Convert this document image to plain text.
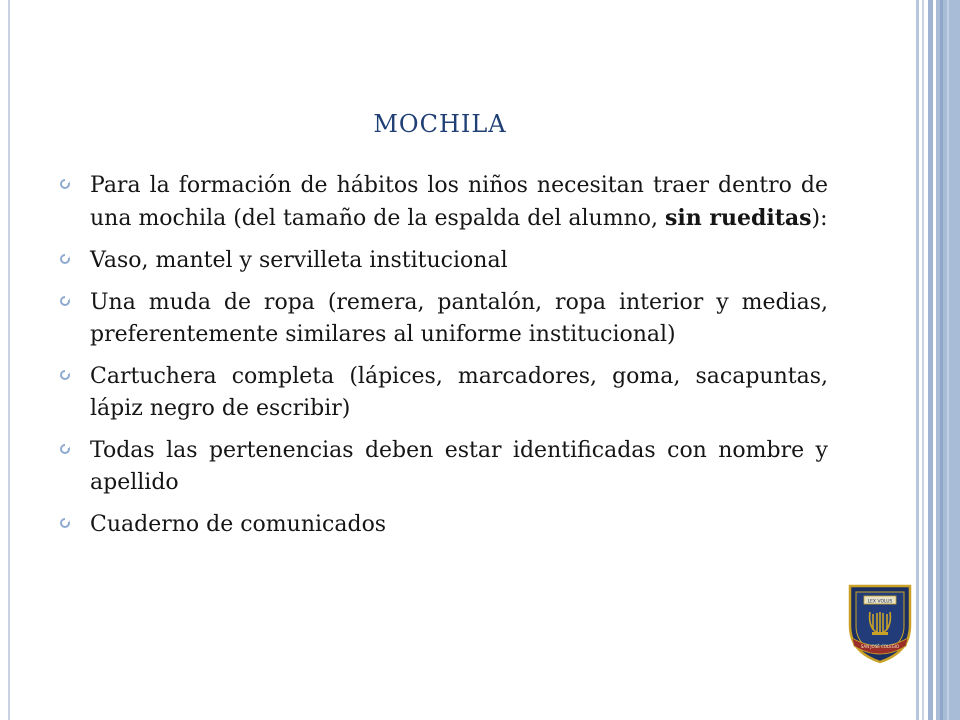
MOCHILA
Para la formación de hábitos los niños necesitan traer dentro de una mochila (del tamaño de la espalda del alumno, sin rueditas):
Vaso, mantel y servilleta institucional
Una muda de ropa (remera, pantalón, ropa interior y medias, preferentemente similares al uniforme institucional)
Cartuchera completa (lápices, marcadores, goma, sacapuntas, lápiz negro de escribir)
Todas las pertenencias deben estar identificadas con nombre y apellido
Cuaderno de comunicados
LEX VOLUS
SAN JOSÉ COLEGIO
